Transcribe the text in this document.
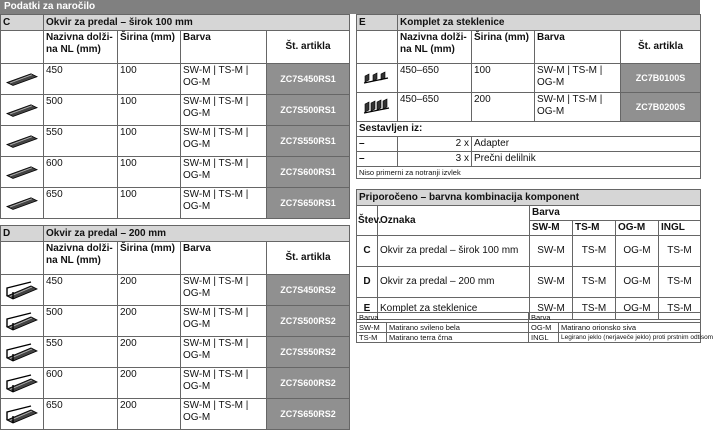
Podatki za naročilo
C	Okvir za predal – širok 100 mm			
	Nazivna dolži-na NL (mm)	Širina (mm)	Barva	Št. artikla

	450	100	SW-M | TS-M | OG-M	ZC7S450RS1

	500	100	SW-M | TS-M | OG-M	ZC7S500RS1

	550	100	SW-M | TS-M | OG-M	ZC7S550RS1

	600	100	SW-M | TS-M | OG-M	ZC7S600RS1

	650	100	SW-M | TS-M | OG-M	ZC7S650RS1
D	Okvir za predal – 200 mm			
	Nazivna dolži-na NL (mm)	Širina (mm)	Barva	Št. artikla

	450	200	SW-M | TS-M | OG-M	ZC7S450RS2

	500	200	SW-M | TS-M | OG-M	ZC7S500RS2

	550	200	SW-M | TS-M | OG-M	ZC7S550RS2

	600	200	SW-M | TS-M | OG-M	ZC7S600RS2

	650	200	SW-M | TS-M | OG-M	ZC7S650RS2
E	Komplet za steklenice			
	Nazivna dolži-na NL (mm)	Širina (mm)	Barva	Št. artikla

	450–650	100	SW-M | TS-M | OG-M	ZC7B0100S

	450–650	200	SW-M | TS-M | OG-M	ZC7B0200S
Sestavljen iz:				
–	2 x	Adapter		
–	3 x	Prečni delilnik		
Niso primerni za notranji izvlek				
Priporočeno – barvna kombinacija komponent					
Štev.	Oznaka	Barva			
		SW-M	TS-M	OG-M	INGL
C	Okvir za predal – širok 100 mm	SW-M	TS-M	OG-M	TS-M
D	Okvir za predal – 200 mm	SW-M	TS-M	OG-M	TS-M
E	Komplet za steklenice	SW-M	TS-M	OG-M	TS-M
Barva		Barva	
SW-M	Matirano svileno bela	OG-M	Matirano orionsko siva
TS-M	Matirano terra črna	INGL	Legirano jeklo (nerjaveče jeklo) proti prstnim odtisom
